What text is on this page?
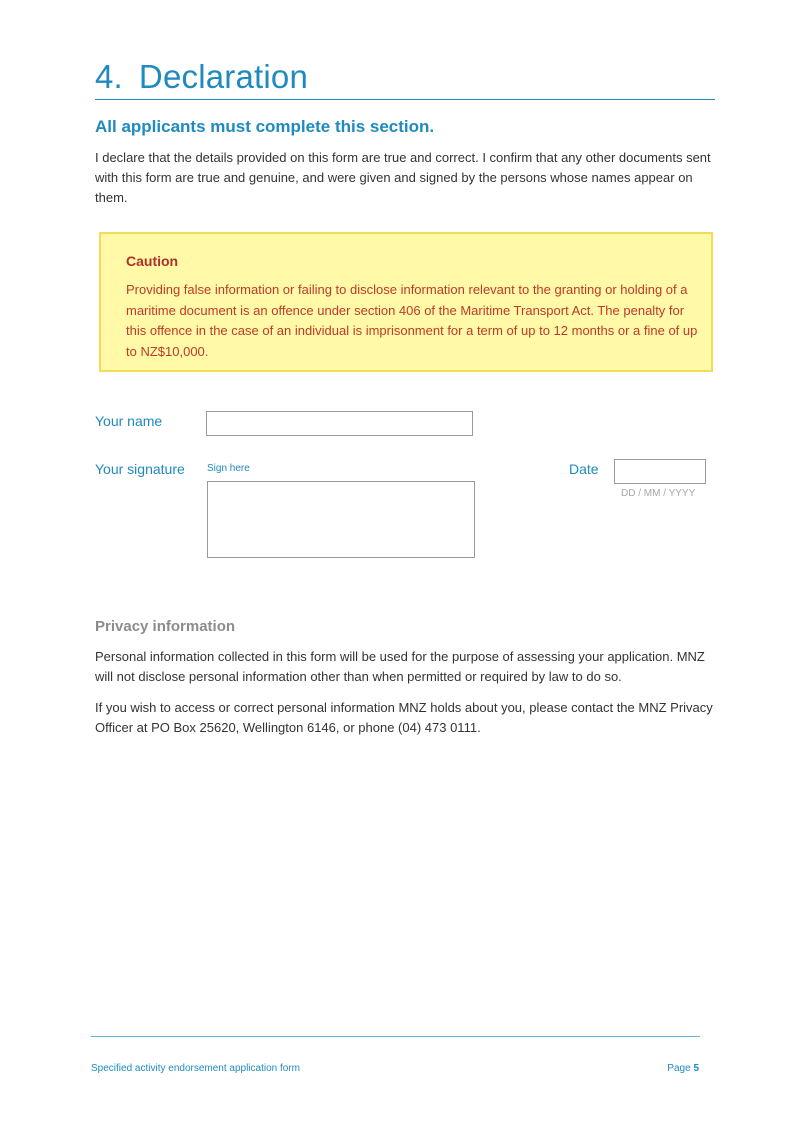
4. Declaration
All applicants must complete this section.
I declare that the details provided on this form are true and correct. I confirm that any other documents sent with this form are true and genuine, and were given and signed by the persons whose names appear on them.
Caution
Providing false information or failing to disclose information relevant to the granting or holding of a maritime document is an offence under section 406 of the Maritime Transport Act. The penalty for this offence in the case of an individual is imprisonment for a term of up to 12 months or a fine of up to NZ$10,000.
Your name
Your signature Sign here	Date
DD / MM / YYYY
Privacy information
Personal information collected in this form will be used for the purpose of assessing your application. MNZ will not disclose personal information other than when permitted or required by law to do so.
If you wish to access or correct personal information MNZ holds about you, please contact the MNZ Privacy Officer at PO Box 25620, Wellington 6146, or phone (04) 473 0111.
Specified activity endorsement application form	Page 5
